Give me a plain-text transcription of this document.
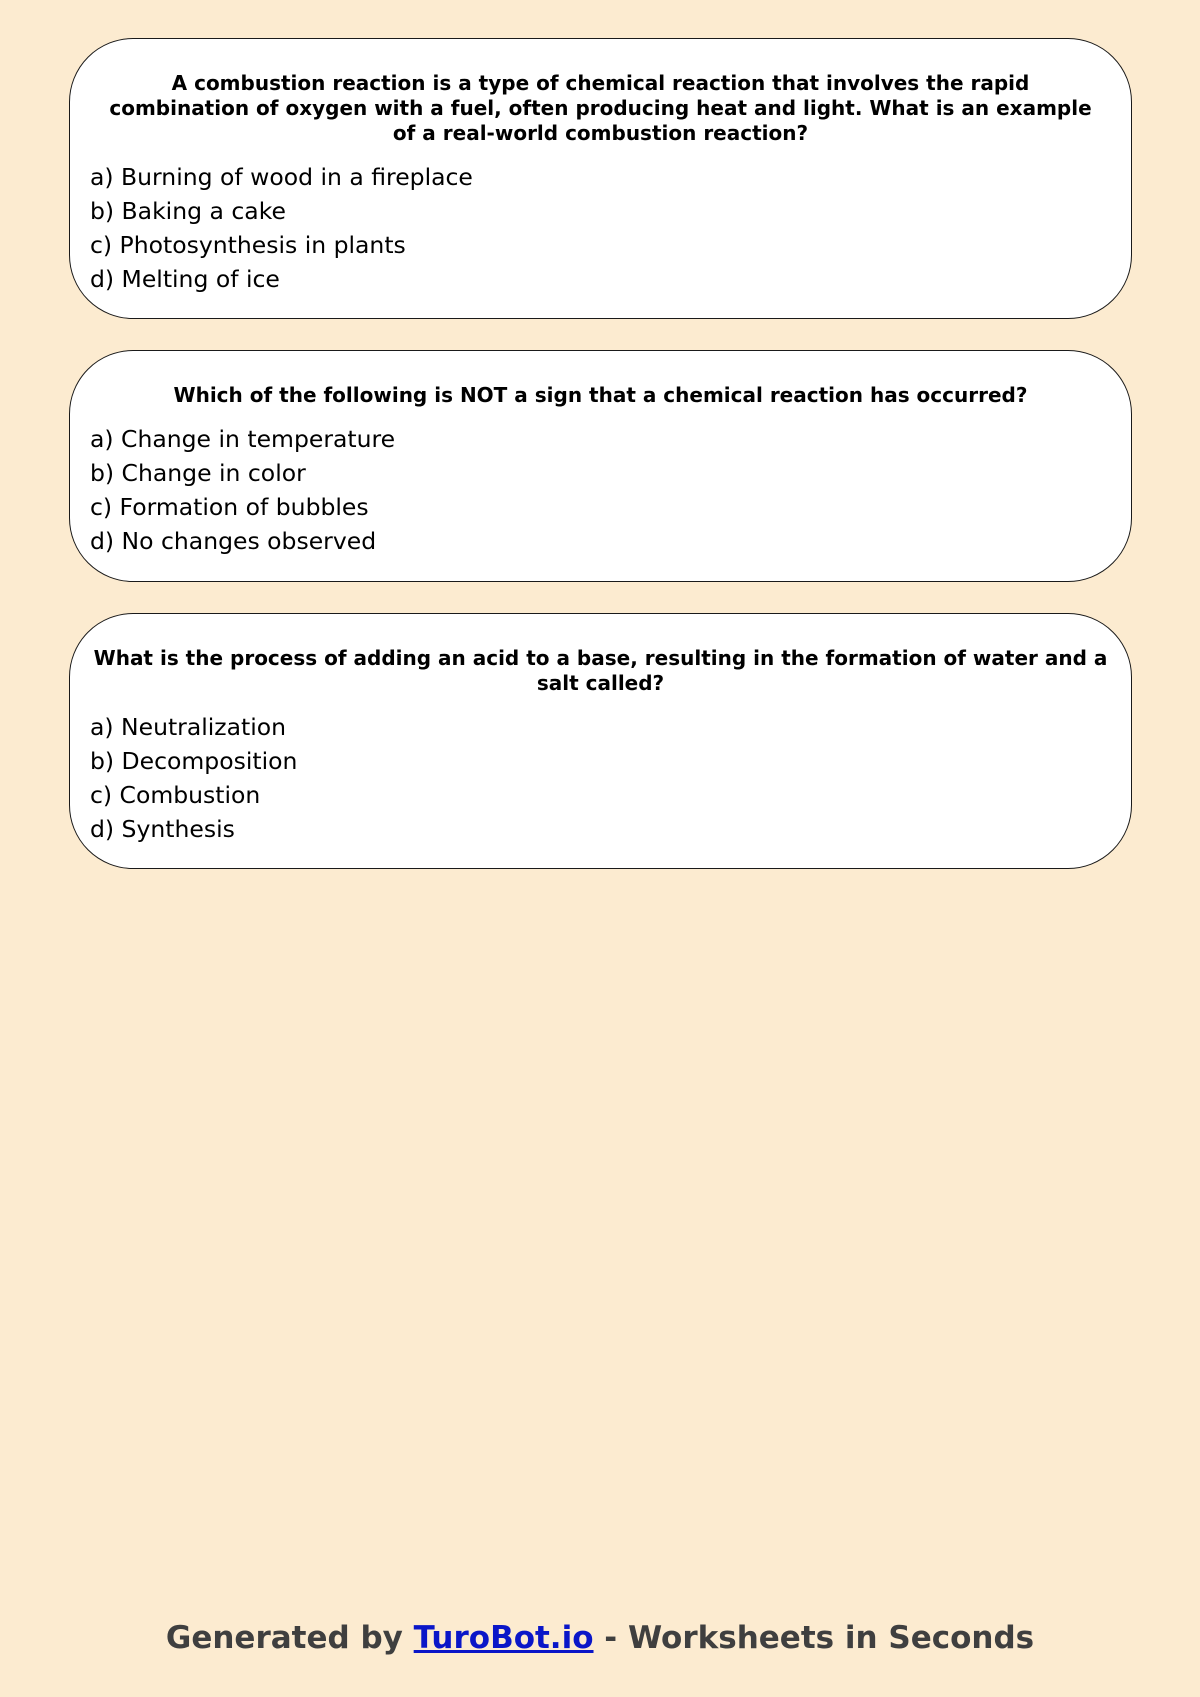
A combustion reaction is a type of chemical reaction that involves the rapid combination of oxygen with a fuel, often producing heat and light. What is an example of a real-world combustion reaction?

a) Burning of wood in a fireplace
b) Baking a cake
c) Photosynthesis in plants
d) Melting of ice

Which of the following is NOT a sign that a chemical reaction has occurred?

a) Change in temperature
b) Change in color
c) Formation of bubbles
d) No changes observed

What is the process of adding an acid to a base, resulting in the formation of water and a salt called?

a) Neutralization
b) Decomposition
c) Combustion
d) Synthesis
Generated by TuroBot.io - Worksheets in Seconds
